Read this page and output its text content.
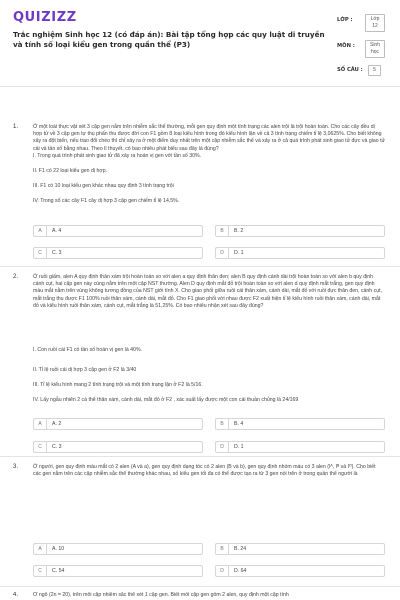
QUIZIZZ
Trắc nghiệm Sinh học 12 (có đáp án): Bài tập tổng hợp các quy luật di truyền và tính số loại kiểu gen trong quần thể (P3)
LỚP :	Lớp 12
MÔN :	Sinh học
SỐ CÂU :	5
1.	Ở một loài thực vật xét 3 cặp gen nằm trên nhiễm sắc thể thường, mỗi gen quy định một tính trạng các alen trội là trội hoàn toàn. Cho các cây đều dị hợp tử về 3 cặp gen tự thụ phấn thu được đời con F1 gồm 8 loại kiểu hình trong đó kiểu hình lặn về cả 3 tính trạng chiếm tỉ lệ 3,0625%. Cho biết không xảy ra đột biến, nếu trao đổi chéo thì chỉ xảy ra ở một điểm duy nhất trên một cặp nhiễm sắc thể và xảy ra ở cả quá trình phát sinh giao tử đực và giao tử cái và tần số bằng nhau. Theo lí thuyết, có bao nhiêu phát biểu sau đây là đúng?
I. Trong quá trình phát sinh giao tử đã xảy ra hoán vị gen với tần số 30%.
II. F1 có 22 loại kiểu gen dị hợp.
III. F1 có 10 loại kiểu gen khác nhau quy định 3 tính trạng trội
IV. Trong số các cây F1 cây dị hợp 3 cặp gen chiếm tỉ lệ 14,5%.
A	A. 4	B	B. 2
C	C. 3	D	D. 1
2.	Ở ruồi giấm, alen A quy định thân xám trội hoàn toàn so với alen a quy định thân đen; alen B quy định cánh dài trội hoàn toàn so với alen b quy định cánh cụt, hai cặp gen này cùng nằm trên một cặp NST thường. Alen D quy định mắt đỏ trội hoàn toàn so với alen d quy định mắt trắng, gen quy định màu mắt nằm trên vùng không tương đồng của NST giới tính X. Cho giao phối giữa ruồi cái thân xám, cánh dài, mắt đỏ với ruồi đực thân đen, cánh cụt, mắt trắng thu được F1 100% ruồi thân xám, cánh dài, mắt đỏ. Cho F1 giao phối với nhau được F2 xuất hiện tỉ lệ kiểu hình ruồi thân xám, cánh dài, mắt đỏ và kiểu hình ruồi thân xám, cánh cụt, mắt trắng là 51,25%. Có bao nhiêu nhận xét sau đây đúng?
I. Con ruồi cái F1 có tần số hoán vị gen là 40%.
II. Tỉ lệ ruồi cái dị hợp 3 cặp gen ở F2 là 3/40
III. Tỉ lệ kiểu hình mang 2 tính trạng trội và một tính trạng lặn ở F2 là 5/16.
IV. Lấy ngẫu nhiên 2 cá thể thân xám, cánh dài, mắt đỏ ở F2 , xác suất lấy được một con cái thuần chủng là 24/169
A	A. 2	B	B. 4
C	C. 3	D	D. 1
3.	Ở người, gen quy định màu mắt có 2 alen (A và a), gen quy định dạng tóc có 2 alen (B và b), gen quy định nhóm máu có 3 alen (Iᴬ, Iᴮ và Iᴼ). Cho biết các gen nằm trên các cặp nhiễm sắc thể thường khác nhau, số kiểu gen tối đa có thể được tạo ra từ 3 gen nói trên ở trong quần thể người là
A	A. 10	B	B. 24
C	C. 54	D	D. 64
4.	Ở ngô (2n = 20), trên mỗi cặp nhiễm sắc thể xét 1 cặp gen. Biết mỗi cặp gen gồm 2 alen, quy định một cặp tính
